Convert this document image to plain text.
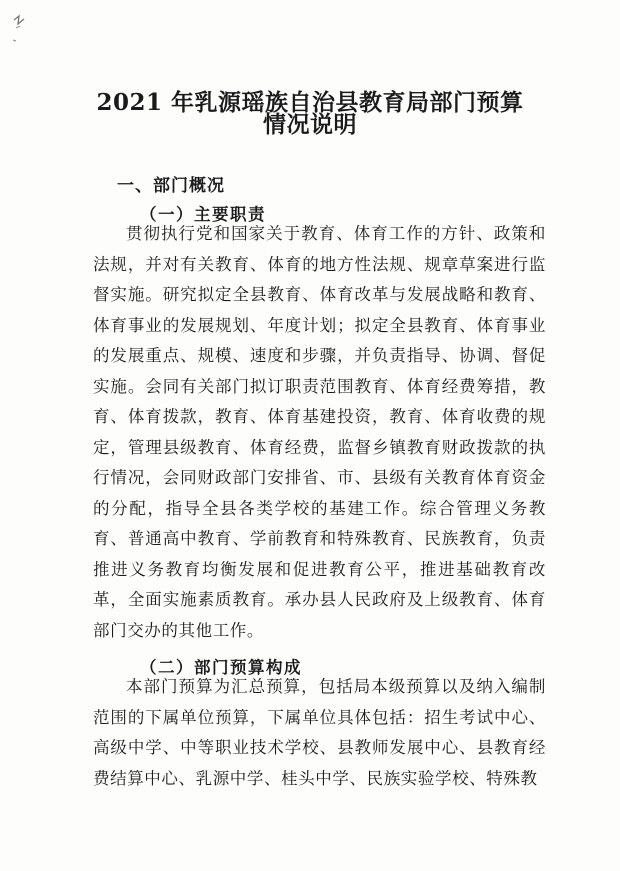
2021 年乳源瑶族自治县教育局部门预算
情况说明
一、部门概况
（一）主要职责

贯彻执行党和国家关于教育、体育工作的方针、政策和法规，并对有关教育、体育的地方性法规、规章草案进行监督实施。研究拟定全县教育、体育改革与发展战略和教育、体育事业的发展规划、年度计划；拟定全县教育、体育事业的发展重点、规模、速度和步骤，并负责指导、协调、督促实施。会同有关部门拟订职责范围教育、体育经费筹措，教育、体育拨款，教育、体育基建投资，教育、体育收费的规定，管理县级教育、体育经费，监督乡镇教育财政拨款的执行情况，会同财政部门安排省、市、县级有关教育体育资金的分配，指导全县各类学校的基建工作。综合管理义务教育、普通高中教育、学前教育和特殊教育、民族教育，负责推进义务教育均衡发展和促进教育公平，推进基础教育改革，全面实施素质教育。承办县人民政府及上级教育、体育部门交办的其他工作。

（二）部门预算构成

本部门预算为汇总预算，包括局本级预算以及纳入编制范围的下属单位预算，下属单位具体包括：招生考试中心、高级中学、中等职业技术学校、县教师发展中心、县教育经费结算中心、乳源中学、桂头中学、民族实验学校、特殊教
